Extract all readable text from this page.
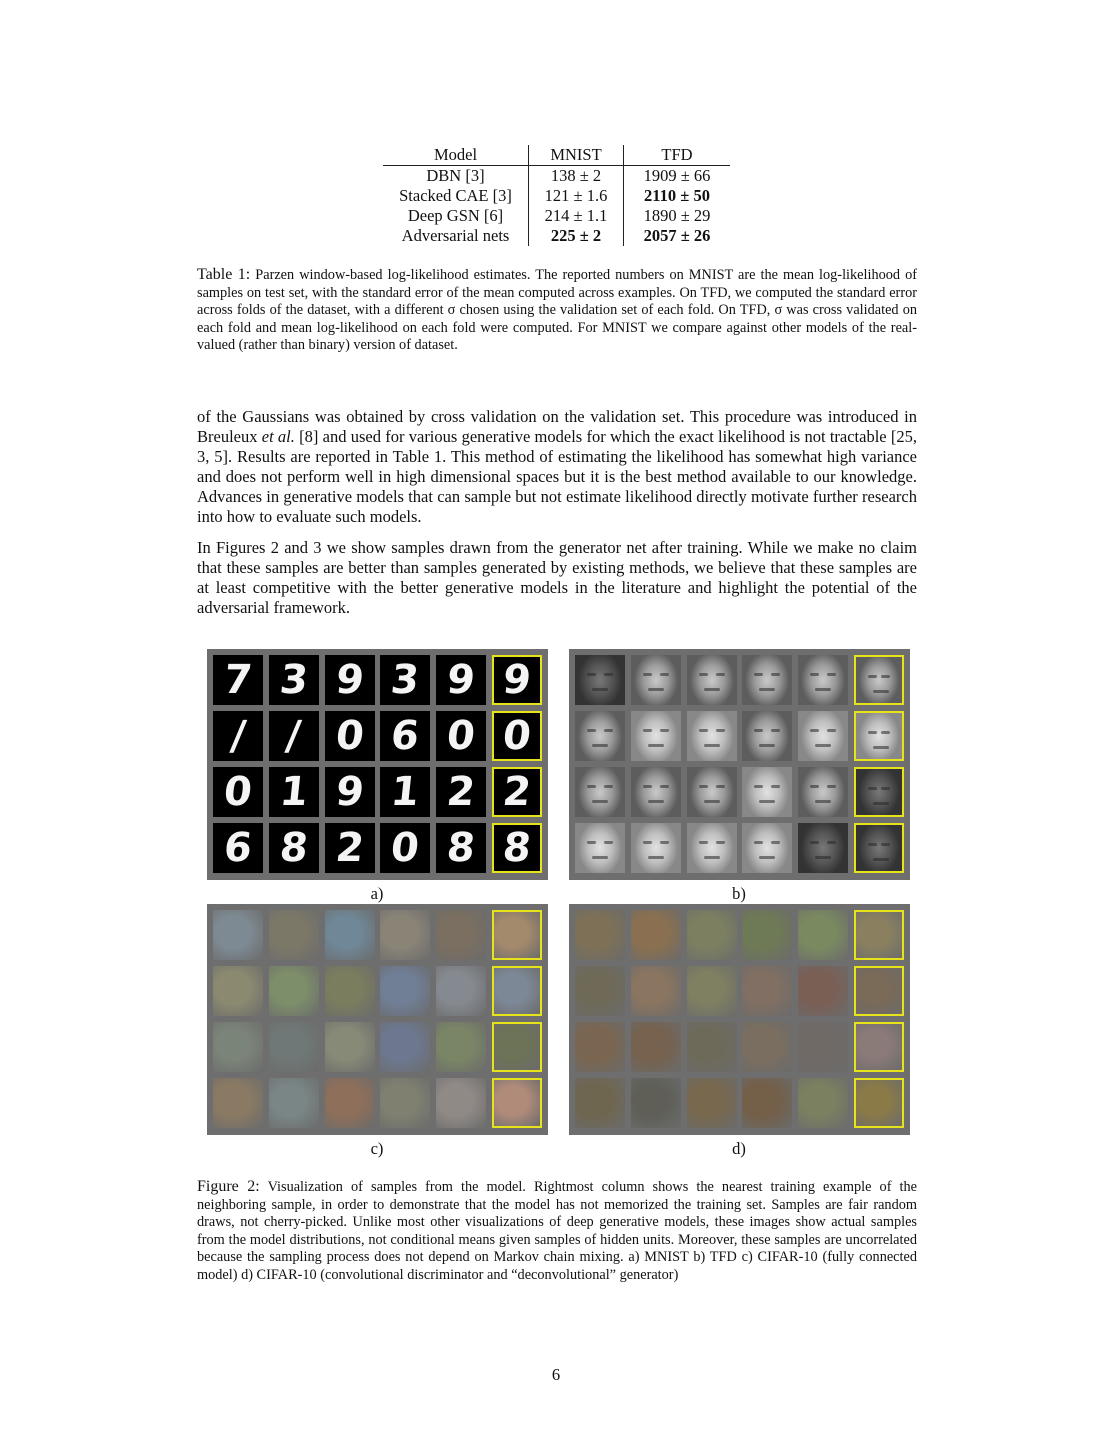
Model	MNIST	TFD
DBN [3]	138 ± 2	1909 ± 66
Stacked CAE [3]	121 ± 1.6	2110 ± 50
Deep GSN [6]	214 ± 1.1	1890 ± 29
Adversarial nets	225 ± 2	2057 ± 26
Table 1: Parzen window-based log-likelihood estimates. The reported numbers on MNIST are the mean log-likelihood of samples on test set, with the standard error of the mean computed across examples. On TFD, we computed the standard error across folds of the dataset, with a different σ chosen using the validation set of each fold. On TFD, σ was cross validated on each fold and mean log-likelihood on each fold were computed. For MNIST we compare against other models of the real-valued (rather than binary) version of dataset.
of the Gaussians was obtained by cross validation on the validation set. This procedure was introduced in Breuleux et al. [8] and used for various generative models for which the exact likelihood is not tractable [25, 3, 5]. Results are reported in Table 1. This method of estimating the likelihood has somewhat high variance and does not perform well in high dimensional spaces but it is the best method available to our knowledge. Advances in generative models that can sample but not estimate likelihood directly motivate further research into how to evaluate such models.
In Figures 2 and 3 we show samples drawn from the generator net after training. While we make no claim that these samples are better than samples generated by existing methods, we believe that these samples are at least competitive with the better generative models in the literature and highlight the potential of the adversarial framework.
7 3 9 3 9 9
/ / 0 6 0 0
0 1 9 1 2 2
6 8 2 0 8 8
a)	b)
c)	d)
Figure 2: Visualization of samples from the model. Rightmost column shows the nearest training example of the neighboring sample, in order to demonstrate that the model has not memorized the training set. Samples are fair random draws, not cherry-picked. Unlike most other visualizations of deep generative models, these images show actual samples from the model distributions, not conditional means given samples of hidden units. Moreover, these samples are uncorrelated because the sampling process does not depend on Markov chain mixing. a) MNIST b) TFD c) CIFAR-10 (fully connected model) d) CIFAR-10 (convolutional discriminator and “deconvolutional” generator)
6
